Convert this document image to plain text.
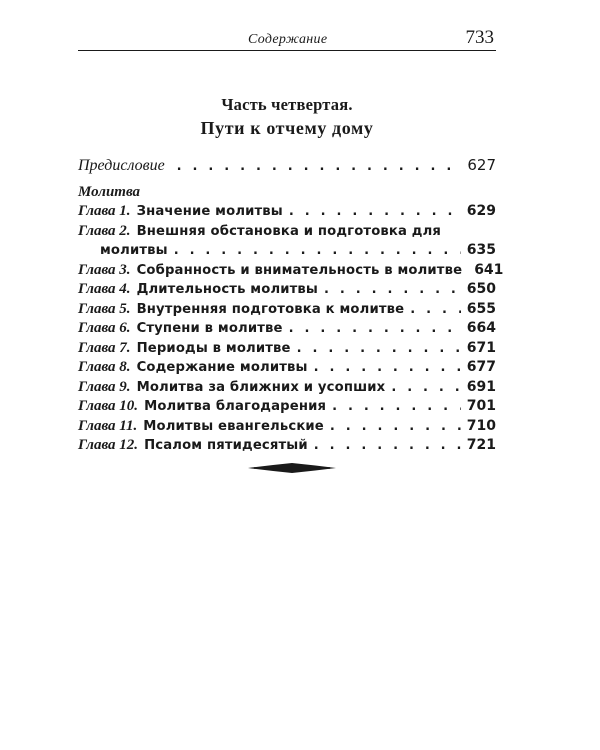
Содержание	733
Часть четвертая.
Пути к отчему дому
Предисловие . . .	627
Молитва
Глава 1. Значение молитвы . . .	629
Глава 2. Внешняя обстановка и подготовка для
молитвы . . .	635
Глава 3. Собранность и внимательность в молитве 641
Глава 4. Длительность молитвы . . .	650
Глава 5. Внутренняя подготовка к молитве . . .	655
Глава 6. Ступени в молитве . . .	664
Глава 7. Периоды в молитве . . .	671
Глава 8. Содержание молитвы . . .	677
Глава 9. Молитва за ближних и усопших . . .	691
Глава 10. Молитва благодарения . . .	701
Глава 11. Молитвы евангельские . . .	710
Глава 12. Псалом пятидесятый . . .	721
